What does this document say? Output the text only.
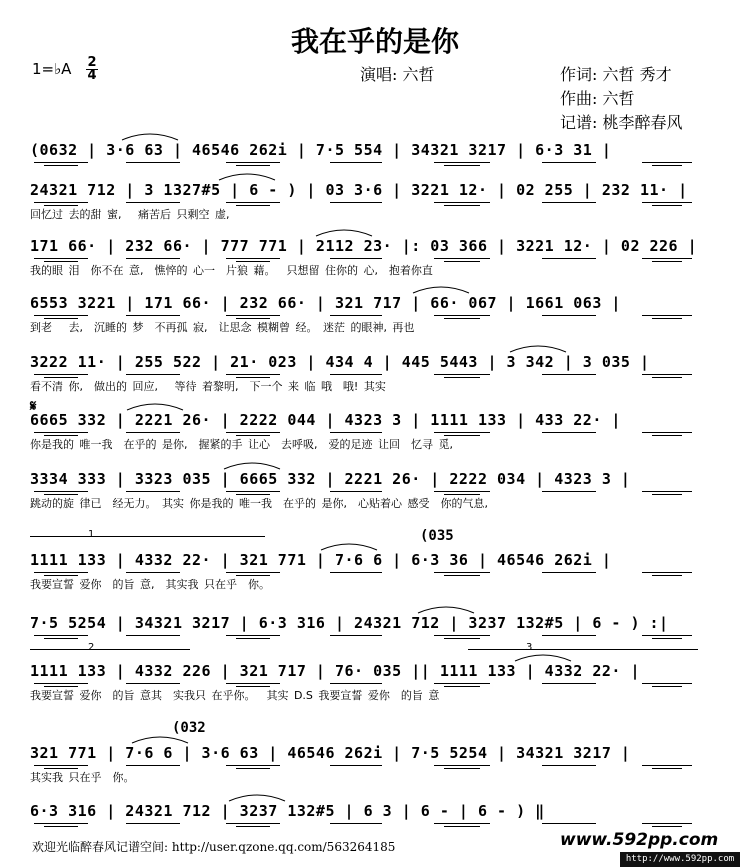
我在乎的是你
1=♭A 2
4	演唱: 六哲	作词: 六哲 秀才
作曲: 六哲
记谱: 桃李醉春风
𝄋
1
2	3
(035
(032
(0632 | 3·6 63 | 46546 262i | 7·5 554 | 34321 3217 | 6·3 31 |
24321 712 | 3 1327#5 | 6 - ) | 03 3·6 | 3221 12· | 02 255 | 232 11· |
回忆过 去的甜 蜜,   痛苦后 只剩空 虚,
171 66· | 232 66· | 777 771 | 2112 23· |: 03 366 | 3221 12· | 02 226 |
我的眼 泪  你不在 意,  憔悴的 心一  片狼 藉。  只想留 住你的 心,  抱着你直
6553 3221 | 171 66· | 232 66· | 321 717 | 66· 067 | 1661 063 |
到老   去,  沉睡的 梦  不再孤 寂,  让思念 模糊曾 经。 迷茫 的眼神, 再也
3222 11· | 255 522 | 21· 023 | 434 4 | 445 5443 | 3 342 | 3 035 |
看不清 你,  做出的 回应,   等待 着黎明,  下一个 来 临 哦  哦! 其实
6665 332 | 2221 26· | 2222 044 | 4323 3 | 1111 133 | 433 22· |
你是我的 唯一我  在乎的 是你,  握紧的手 让心  去呼吸,  爱的足迹 让回  忆寻 觅,
3334 333 | 3323 035 | 6665 332 | 2221 26· | 2222 034 | 4323 3 |
跳动的旋 律已  经无力。 其实 你是我的 唯一我  在乎的 是你,  心贴着心 感受  你的气息,
1111 133 | 4332 22· | 321 771 | 7·6 6 | 6·3 36 | 46546 262i |
我要宣誓 爱你  的旨 意,  其实我 只在乎  你。
7·5 5254 | 34321 3217 | 6·3 316 | 24321 712 | 3237 132#5 | 6 - ) :|
1111 133 | 4332 226 | 321 717 | 76· 035 || 1111 133 | 4332 22· |
我要宣誓 爱你  的旨 意其  实我只 在乎你。  其实 D.S 我要宣誓 爱你  的旨 意
321 771 | 7·6 6 | 3·6 63 | 46546 262i | 7·5 5254 | 34321 3217 |
其实我 只在乎  你。
6·3 316 | 24321 712 | 3237 132#5 | 6 3 | 6 - | 6 - ) ‖
欢迎光临醉春风记谱空间: http://user.qzone.qq.com/563264185	www.592pp.com
http://www.592pp.com
